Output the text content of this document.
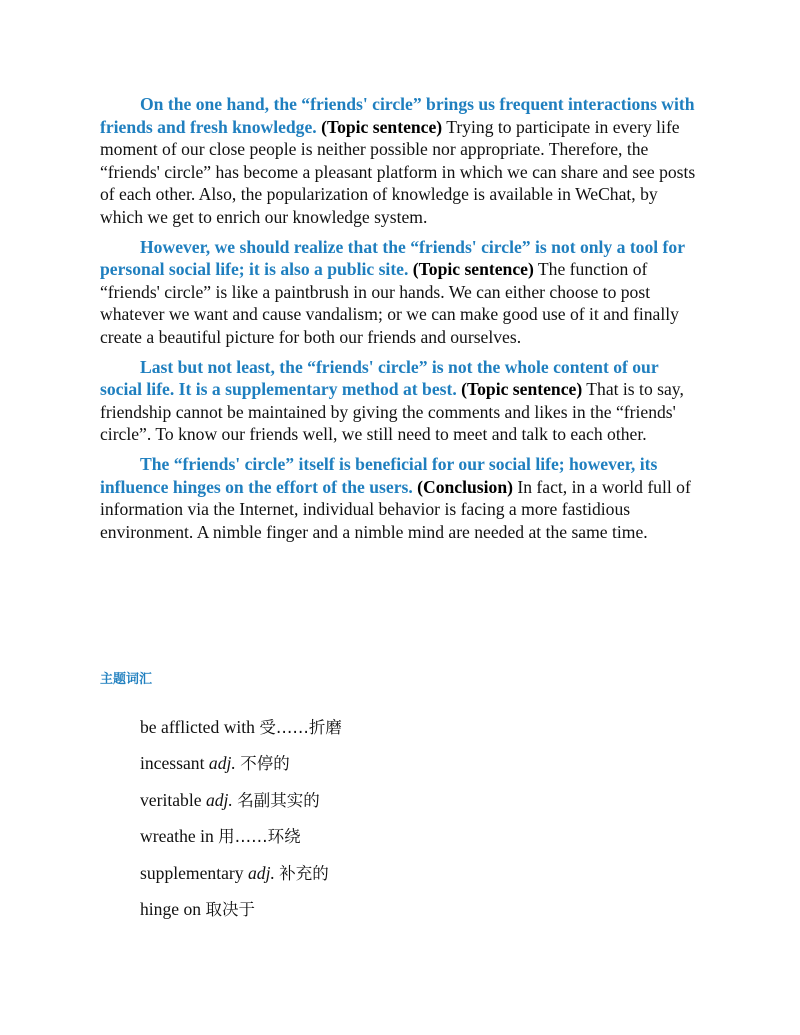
On the one hand, the “friends' circle” brings us frequent interactions with friends and fresh knowledge. (Topic sentence) Trying to participate in every life moment of our close people is neither possible nor appropriate. Therefore, the “friends' circle” has become a pleasant platform in which we can share and see posts of each other. Also, the popularization of knowledge is available in WeChat, by which we get to enrich our knowledge system.

However, we should realize that the “friends' circle” is not only a tool for personal social life; it is also a public site. (Topic sentence) The function of “friends' circle” is like a paintbrush in our hands. We can either choose to post whatever we want and cause vandalism; or we can make good use of it and finally create a beautiful picture for both our friends and ourselves.

Last but not least, the “friends' circle” is not the whole content of our social life. It is a supplementary method at best. (Topic sentence) That is to say, friendship cannot be maintained by giving the comments and likes in the “friends' circle”. To know our friends well, we still need to meet and talk to each other.

The “friends' circle” itself is beneficial for our social life; however, its influence hinges on the effort of the users. (Conclusion) In fact, in a world full of information via the Internet, individual behavior is facing a more fastidious environment. A nimble finger and a nimble mind are needed at the same time.

主题词汇
be afflicted with 受……折磨
incessant adj. 不停的
veritable adj. 名副其实的
wreathe in 用……环绕
supplementary adj. 补充的
hinge on 取决于
